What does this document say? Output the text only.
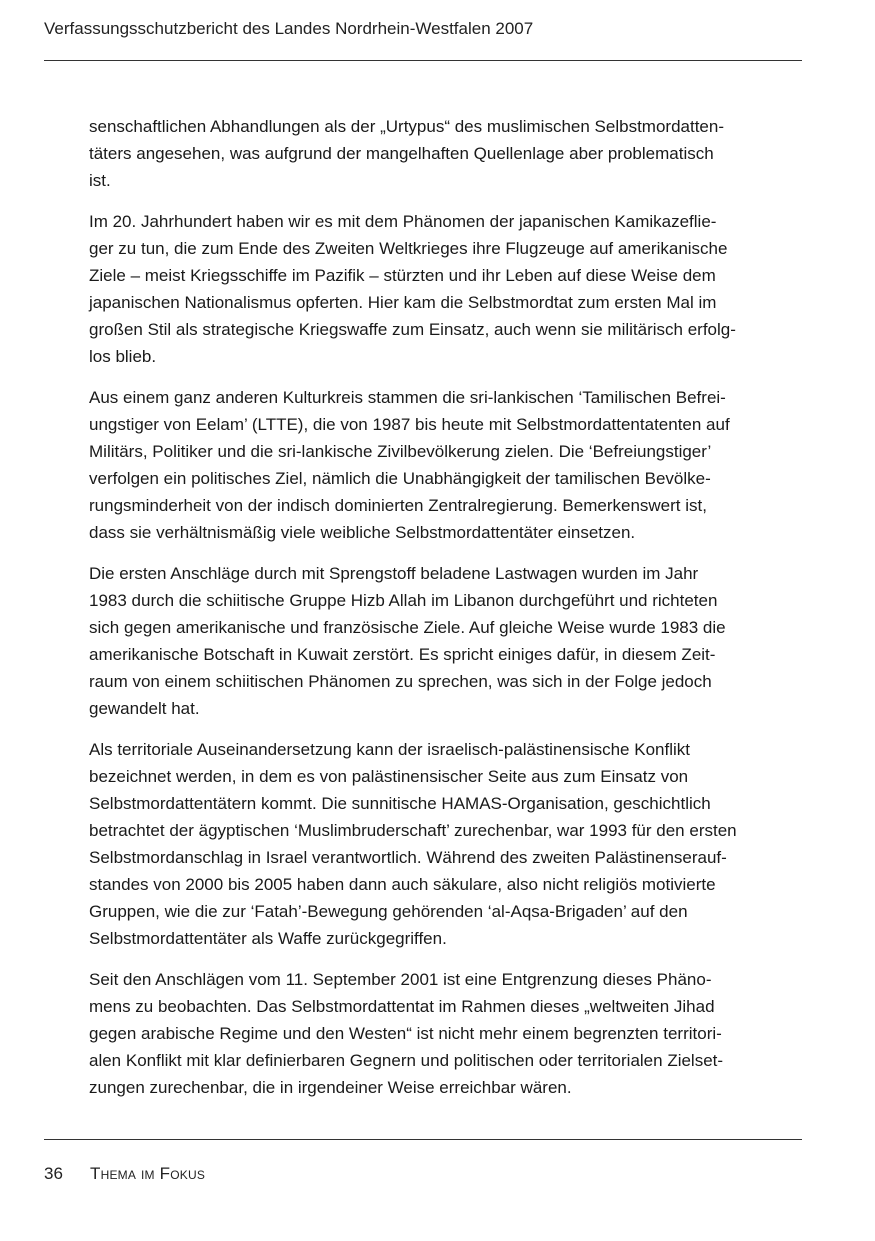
Verfassungsschutzbericht des Landes Nordrhein-Westfalen 2007

senschaftlichen Abhandlungen als der „Urtypus“ des muslimischen Selbstmordatten-
täters angesehen, was aufgrund der mangelhaften Quellenlage aber problematisch
ist.

Im 20. Jahrhundert haben wir es mit dem Phänomen der japanischen Kamikazeflie-
ger zu tun, die zum Ende des Zweiten Weltkrieges ihre Flugzeuge auf amerikanische
Ziele – meist Kriegsschiffe im Pazifik – stürzten und ihr Leben auf diese Weise dem
japanischen Nationalismus opferten. Hier kam die Selbstmordtat zum ersten Mal im
großen Stil als strategische Kriegswaffe zum Einsatz, auch wenn sie militärisch erfolg-
los blieb.

Aus einem ganz anderen Kulturkreis stammen die sri-lankischen ‘Tamilischen Befrei-
ungstiger von Eelam’ (LTTE), die von 1987 bis heute mit Selbstmordattentatenten auf
Militärs, Politiker und die sri-lankische Zivilbevölkerung zielen. Die ‘Befreiungstiger’
verfolgen ein politisches Ziel, nämlich die Unabhängigkeit der tamilischen Bevölke-
rungsminderheit von der indisch dominierten Zentralregierung. Bemerkenswert ist,
dass sie verhältnismäßig viele weibliche Selbstmordattentäter einsetzen.

Die ersten Anschläge durch mit Sprengstoff beladene Lastwagen wurden im Jahr
1983 durch die schiitische Gruppe Hizb Allah im Libanon durchgeführt und richteten
sich gegen amerikanische und französische Ziele. Auf gleiche Weise wurde 1983 die
amerikanische Botschaft in Kuwait zerstört. Es spricht einiges dafür, in diesem Zeit-
raum von einem schiitischen Phänomen zu sprechen, was sich in der Folge jedoch
gewandelt hat.

Als territoriale Auseinandersetzung kann der israelisch-palästinensische Konflikt
bezeichnet werden, in dem es von palästinensischer Seite aus zum Einsatz von
Selbstmordattentätern kommt. Die sunnitische HAMAS-Organisation, geschichtlich
betrachtet der ägyptischen ‘Muslimbruderschaft’ zurechenbar, war 1993 für den ersten
Selbstmordanschlag in Israel verantwortlich. Während des zweiten Palästinenserauf-
standes von 2000 bis 2005 haben dann auch säkulare, also nicht religiös motivierte
Gruppen, wie die zur ‘Fatah’-Bewegung gehörenden ‘al-Aqsa-Brigaden’ auf den
Selbstmordattentäter als Waffe zurückgegriffen.

Seit den Anschlägen vom 11. September 2001 ist eine Entgrenzung dieses Phäno-
mens zu beobachten. Das Selbstmordattentat im Rahmen dieses „weltweiten Jihad
gegen arabische Regime und den Westen“ ist nicht mehr einem begrenzten territori-
alen Konflikt mit klar definierbaren Gegnern und politischen oder territorialen Zielset-
zungen zurechenbar, die in irgendeiner Weise erreichbar wären.

36	Thema im Fokus
